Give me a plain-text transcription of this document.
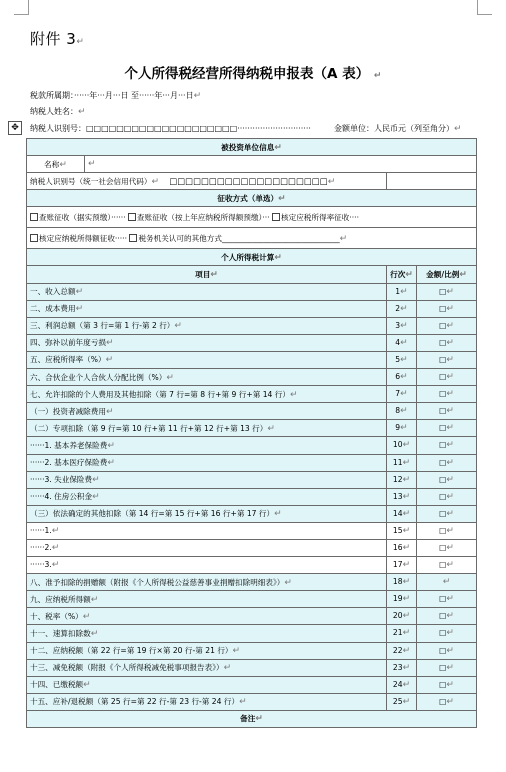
附件 3↵
个人所得税经营所得纳税申报表（A 表） ↵
税款所属期：······年···月···日 至······年···月···日↵
纳税人姓名：↵
✥	纳税人识别号：□□□□□□□□□□□□□□□□□□□□·····························	金额单位：人民币元（列至角分）↵
被投资单位信息↵			
名称↵	↵		
纳税人识别号（统一社会信用代码）↵ □□□□□□□□□□□□□□□□□□□□↵			
征收方式（单选）↵			
查账征收（据实预缴）······ 查账征收（按上年应纳税所得额预缴）··· 核定应税所得率征收····			
核定应纳税所得额征收····· 税务机关认可的其他方式_______________________________↵			
个人所得税计算↵			
项目↵		行次↵	金额/比例↵
一、收入总额↵		1↵	□↵
二、成本费用↵		2↵	□↵
三、利润总额（第 3 行=第 1 行-第 2 行）↵		3↵	□↵
四、弥补以前年度亏损↵		4↵	□↵
五、应税所得率（%）↵		5↵	□↵
六、合伙企业个人合伙人分配比例（%）↵		6↵	□↵
七、允许扣除的个人费用及其他扣除（第 7 行=第 8 行+第 9 行+第 14 行）↵		7↵	□↵
（一）投资者减除费用↵		8↵	□↵
（二）专项扣除（第 9 行=第 10 行+第 11 行+第 12 行+第 13 行）↵		9↵	□↵
······1. 基本养老保险费↵		10↵	□↵
······2. 基本医疗保险费↵		11↵	□↵
······3. 失业保险费↵		12↵	□↵
······4. 住房公积金↵		13↵	□↵
（三）依法确定的其他扣除（第 14 行=第 15 行+第 16 行+第 17 行）↵		14↵	□↵
······1.↵		15↵	□↵
······2.↵		16↵	□↵
······3.↵		17↵	□↵
八、准予扣除的捐赠额（附报《个人所得税公益慈善事业捐赠扣除明细表》）↵		18↵	↵
九、应纳税所得额↵		19↵	□↵
十、税率（%）↵		20↵	□↵
十一、速算扣除数↵		21↵	□↵
十二、应纳税额（第 22 行=第 19 行×第 20 行-第 21 行）↵		22↵	□↵
十三、减免税额（附报《个人所得税减免税事项报告表》）↵		23↵	□↵
十四、已缴税额↵		24↵	□↵
十五、应补/退税额（第 25 行=第 22 行-第 23 行-第 24 行）↵		25↵	□↵
备注↵			
